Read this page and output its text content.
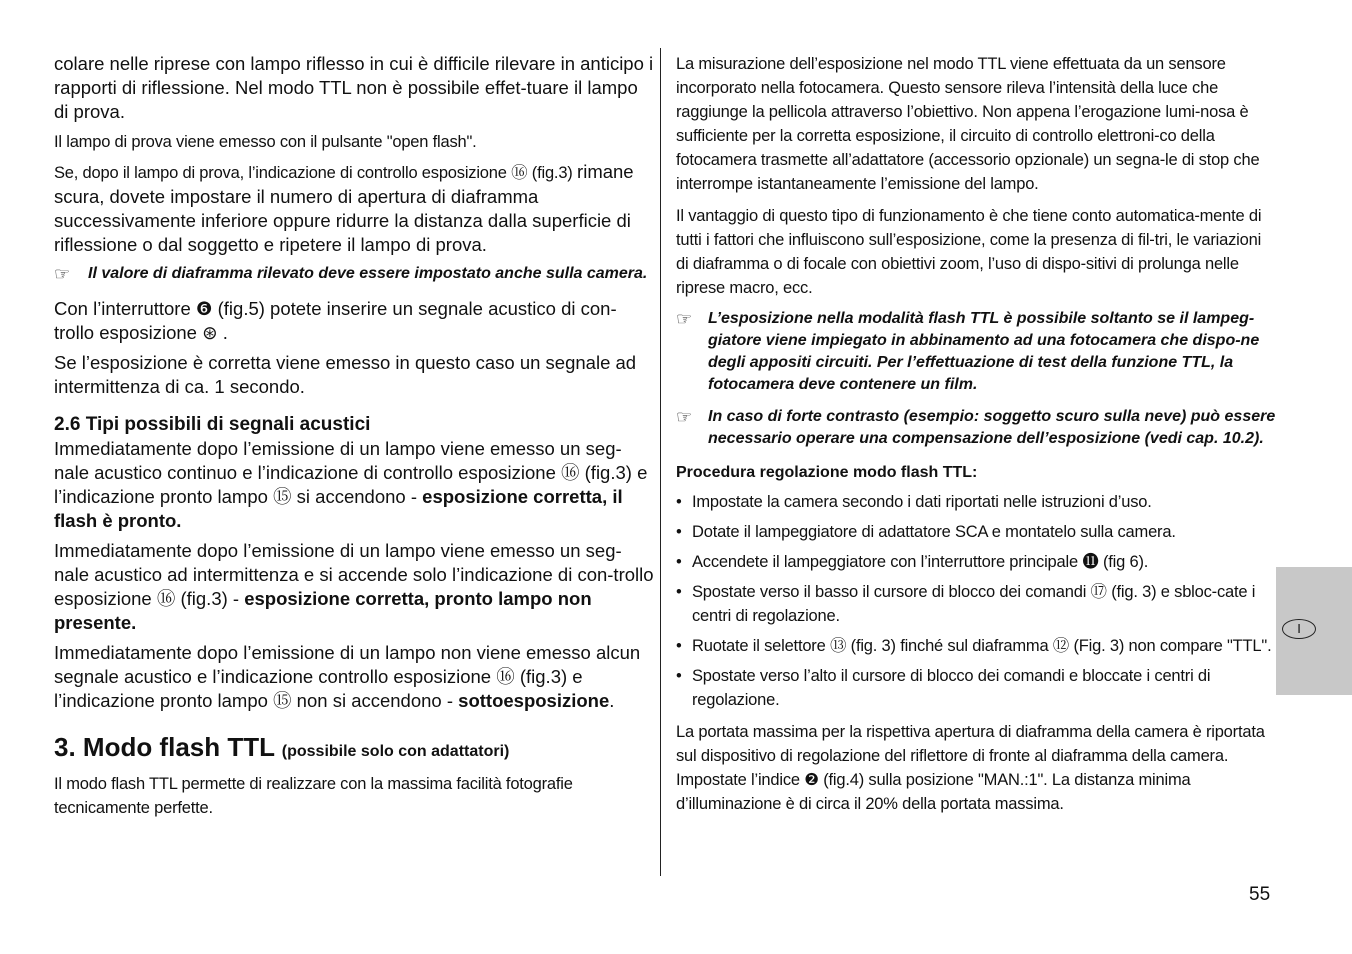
colare nelle riprese con lampo riflesso in cui è difficile rilevare in anticipo i rapporti di riflessione. Nel modo TTL non è possibile effet-tuare il lampo di prova.

Il lampo di prova viene emesso con il pulsante "open flash".

Se, dopo il lampo di prova, l’indicazione di controllo esposizione ⑯ (fig.3) rimane scura, dovete impostare il numero di apertura di diaframma successivamente inferiore oppure ridurre la distanza dalla superficie di riflessione o dal soggetto e ripetere il lampo di prova.

☞	Il valore di diaframma rilevato deve essere impostato anche sulla camera.

Con l’interruttore ❻ (fig.5) potete inserire un segnale acustico di con-trollo esposizione ⊛ .

Se l’esposizione è corretta viene emesso in questo caso un segnale ad intermittenza di ca. 1 secondo.

2.6 Tipi possibili di segnali acustici

Immediatamente dopo l’emissione di un lampo viene emesso un seg-nale acustico continuo e l’indicazione di controllo esposizione ⑯ (fig.3) e l’indicazione pronto lampo ⑮ si accendono - esposizione corretta, il flash è pronto.

Immediatamente dopo l’emissione di un lampo viene emesso un seg-nale acustico ad intermittenza e si accende solo l’indicazione di con-trollo esposizione ⑯ (fig.3) - esposizione corretta, pronto lampo non presente.

Immediatamente dopo l’emissione di un lampo non viene emesso alcun segnale acustico e l’indicazione controllo esposizione ⑯ (fig.3) e l’indicazione pronto lampo ⑮ non si accendono - sottoesposizione.

3. Modo flash TTL (possibile solo con adattatori)

Il modo flash TTL permette di realizzare con la massima facilità fotografie tecnicamente perfette.

La misurazione dell’esposizione nel modo TTL viene effettuata da un sensore incorporato nella fotocamera. Questo sensore rileva l’intensità della luce che raggiunge la pellicola attraverso l’obiettivo. Non appena l’erogazione lumi-nosa è sufficiente per la corretta esposizione, il circuito di controllo elettroni-co della fotocamera trasmette all’adattatore (accessorio opzionale) un segna-le di stop che interrompe istantaneamente l’emissione del lampo.

Il vantaggio di questo tipo di funzionamento è che tiene conto automatica-mente di tutti i fattori che influiscono sull’esposizione, come la presenza di fil-tri, le variazioni di diaframma o di focale con obiettivi zoom, l’uso di dispo-sitivi di prolunga nelle riprese macro, ecc.

☞ L’esposizione nella modalità flash TTL è possibile soltanto se il lampeg-giatore viene impiegato in abbinamento ad una fotocamera che dispo-ne degli appositi circuiti. Per l’effettuazione di test della funzione TTL, la fotocamera deve contenere un film.
☞ In caso di forte contrasto (esempio: soggetto scuro sulla neve) può essere necessario operare una compensazione dell’esposizione (vedi cap. 10.2).
Procedura regolazione modo flash TTL:
• Impostate la camera secondo i dati riportati nelle istruzioni d’uso.
• Dotate il lampeggiatore di adattatore SCA e montatelo sulla camera.
• Accendete il lampeggiatore con l’interruttore principale ⓫ (fig 6).
• Spostate verso il basso il cursore di blocco dei comandi ⑰ (fig. 3) e sbloc-cate i centri di regolazione.
• Ruotate il selettore ⑬ (fig. 3) finché sul diaframma ⑫ (Fig. 3) non compare "TTL".
• Spostate verso l’alto il cursore di blocco dei comandi e bloccate i centri di regolazione.

La portata massima per la rispettiva apertura di diaframma della camera è riportata sul dispositivo di regolazione del riflettore di fronte al diaframma della camera. Impostate l’indice ❷ (fig.4) sulla posizione "MAN.:1". La distanza minima d’illuminazione è di circa il 20% della portata massima.

I
55
